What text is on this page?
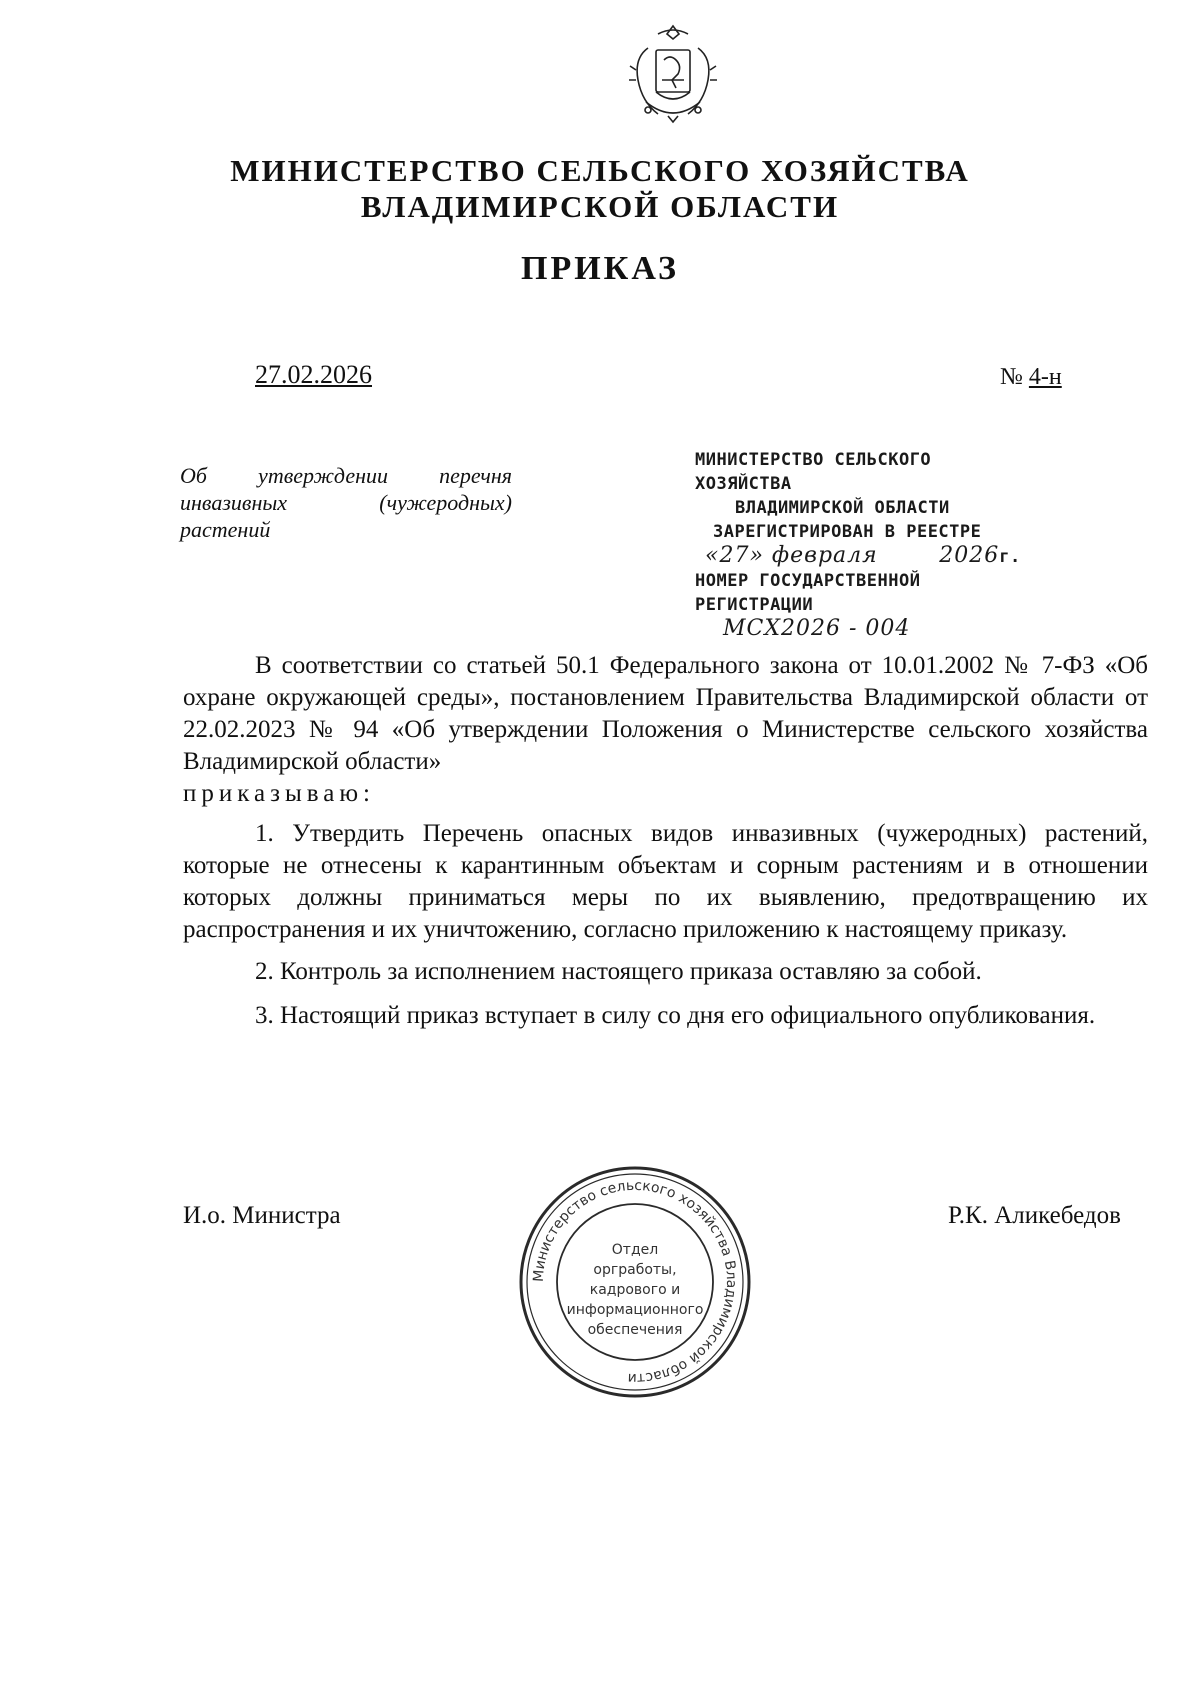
МИНИСТЕРСТВО СЕЛЬСКОГО ХОЗЯЙСТВА
ВЛАДИМИРСКОЙ ОБЛАСТИ
ПРИКАЗ
27.02.2026	№ 4-н
Об утверждении перечня
инвазивных (чужеродных)
растений
МИНИСТЕРСТВО СЕЛЬСКОГО ХОЗЯЙСТВА
ВЛАДИМИРСКОЙ ОБЛАСТИ
ЗАРЕГИСТРИРОВАН В РЕЕСТРЕ
«27» февраля	2026г.
НОМЕР ГОСУДАРСТВЕННОЙ РЕГИСТРАЦИИ
МСХ2026 - 004

В соответствии со статьей 50.1 Федерального закона от 10.01.2002 № 7-ФЗ «Об охране окружающей среды», постановлением Правительства Владимирской области от 22.02.2023 № 94 «Об утверждении Положения о Министерстве сельского хозяйства Владимирской области»

приказываю:

1. Утвердить Перечень опасных видов инвазивных (чужеродных) растений, которые не отнесены к карантинным объектам и сорным растениям и в отношении которых должны приниматься меры по их выявлению, предотвращению их распространения и их уничтожению, согласно приложению к настоящему приказу.

2. Контроль за исполнением настоящего приказа оставляю за собой.

3. Настоящий приказ вступает в силу со дня его официального опубликования.

И.о. Министра	Р.К. Аликебедов
Министерство сельского хозяйства Владимирской области
Отдел
оргработы,
кадрового и
информационного
обеспечения
